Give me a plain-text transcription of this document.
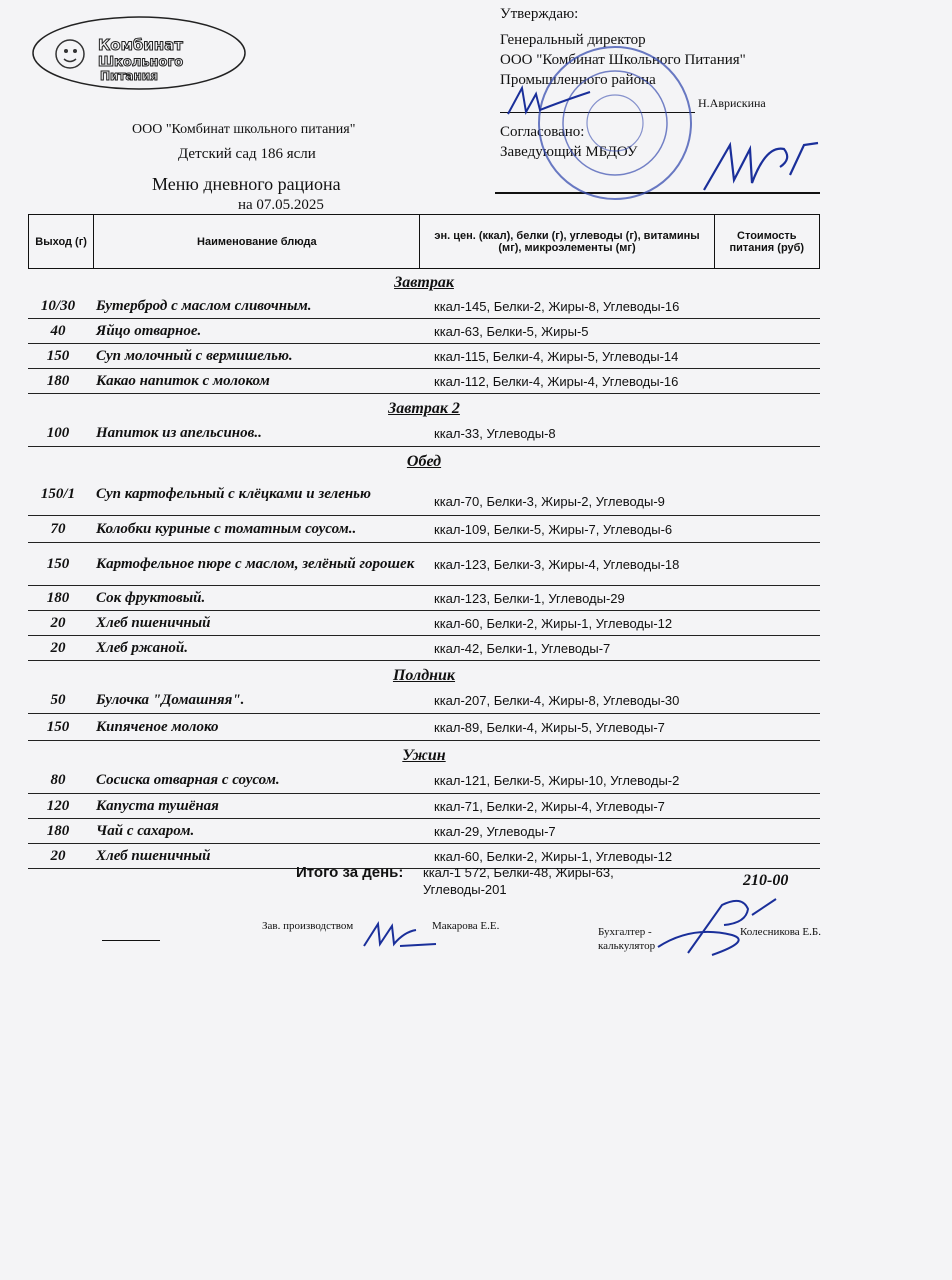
Комбинат
Школьного
Питания
Утверждаю:
Генеральный директор
ООО "Комбинат Школьного Питания"
Промышленного района
Согласовано:
Заведующий МБДОУ
Н.Аврискина
ООО "Комбинат школьного питания"
Детский сад 186 ясли
Меню дневного рациона
на 07.05.2025
Выход (г)	Наименование блюда	эн. цен. (ккал), белки (г), углеводы (г), витамины (мг), микроэлементы (мг)	Стоимость питания (руб)
Завтрак
10/30	Бутерброд с маслом сливочным.	ккал-145, Белки-2, Жиры-8, Углеводы-16
40	Яйцо отварное.	ккал-63, Белки-5, Жиры-5
150	Суп молочный с вермишелью.	ккал-115, Белки-4, Жиры-5, Углеводы-14
180	Какао напиток с молоком	ккал-112, Белки-4, Жиры-4, Углеводы-16
Завтрак 2
100	Напиток из апельсинов..	ккал-33, Углеводы-8
Обед
150/1	Суп картофельный с клёцками и зеленью	ккал-70, Белки-3, Жиры-2, Углеводы-9
70	Колобки куриные с томатным соусом..	ккал-109, Белки-5, Жиры-7, Углеводы-6
150	Картофельное пюре с маслом, зелёный горошек	ккал-123, Белки-3, Жиры-4, Углеводы-18
180	Сок фруктовый.	ккал-123, Белки-1, Углеводы-29
20	Хлеб пшеничный	ккал-60, Белки-2, Жиры-1, Углеводы-12
20	Хлеб ржаной.	ккал-42, Белки-1, Углеводы-7
Полдник
50	Булочка "Домашняя".	ккал-207, Белки-4, Жиры-8, Углеводы-30
150	Кипяченое молоко	ккал-89, Белки-4, Жиры-5, Углеводы-7
Ужин
80	Сосиска отварная с соусом.	ккал-121, Белки-5, Жиры-10, Углеводы-2
120	Капуста тушёная	ккал-71, Белки-2, Жиры-4, Углеводы-7
180	Чай с сахаром.	ккал-29, Углеводы-7
20	Хлеб пшеничный	ккал-60, Белки-2, Жиры-1, Углеводы-12
Итого за день: ккал-1 572, Белки-48, Жиры-63, Углеводы-201
210-00
Зав. производством	Макарова Е.Е.	Бухгалтер - калькулятор
Колесникова Е.Б.
